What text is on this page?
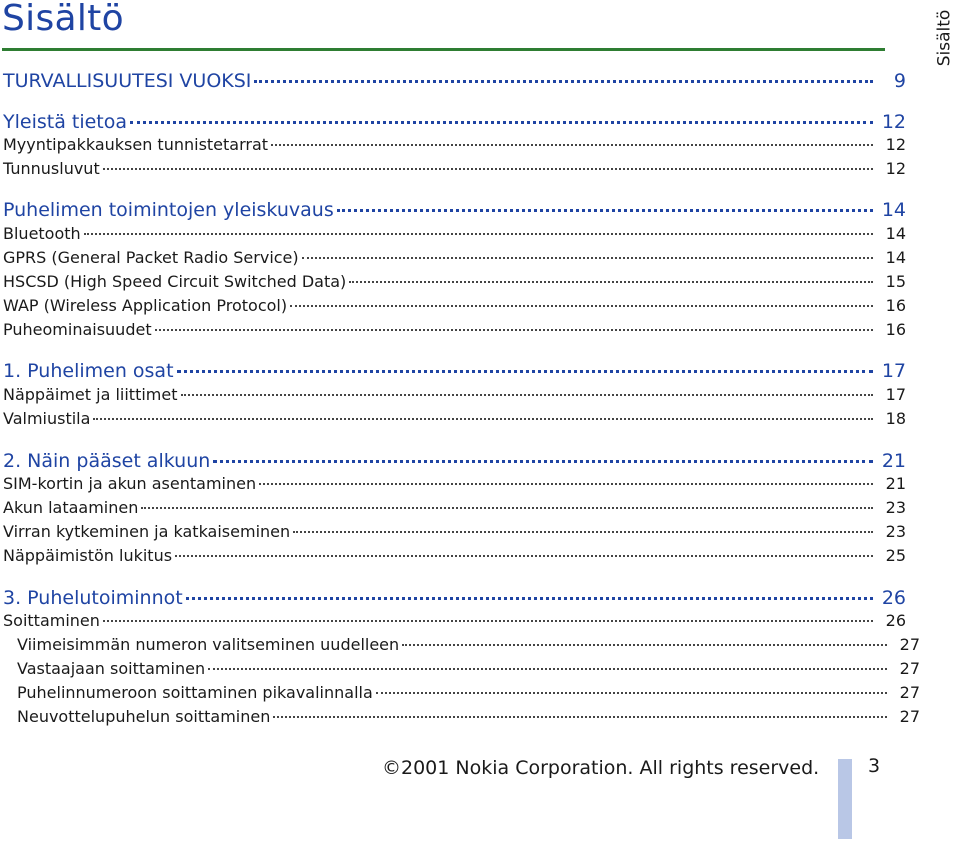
Sisältö	Sisältö
TURVALLISUUTESI VUOKSI	9
Yleistä tietoa	12
Myyntipakkauksen tunnistetarrat	12
Tunnusluvut	12
Puhelimen toimintojen yleiskuvaus	14
Bluetooth	14
GPRS (General Packet Radio Service)	14
HSCSD (High Speed Circuit Switched Data)	15
WAP (Wireless Application Protocol)	16
Puheominaisuudet	16
1. Puhelimen osat	17
Näppäimet ja liittimet	17
Valmiustila	18
2. Näin pääset alkuun	21
SIM-kortin ja akun asentaminen	21
Akun lataaminen	23
Virran kytkeminen ja katkaiseminen	23
Näppäimistön lukitus	25
3. Puhelutoiminnot	26
Soittaminen	26
Viimeisimmän numeron valitseminen uudelleen	27
Vastaajaan soittaminen	27
Puhelinnumeroon soittaminen pikavalinnalla	27
Neuvottelupuhelun soittaminen	27
©2001 Nokia Corporation. All rights reserved.	3
